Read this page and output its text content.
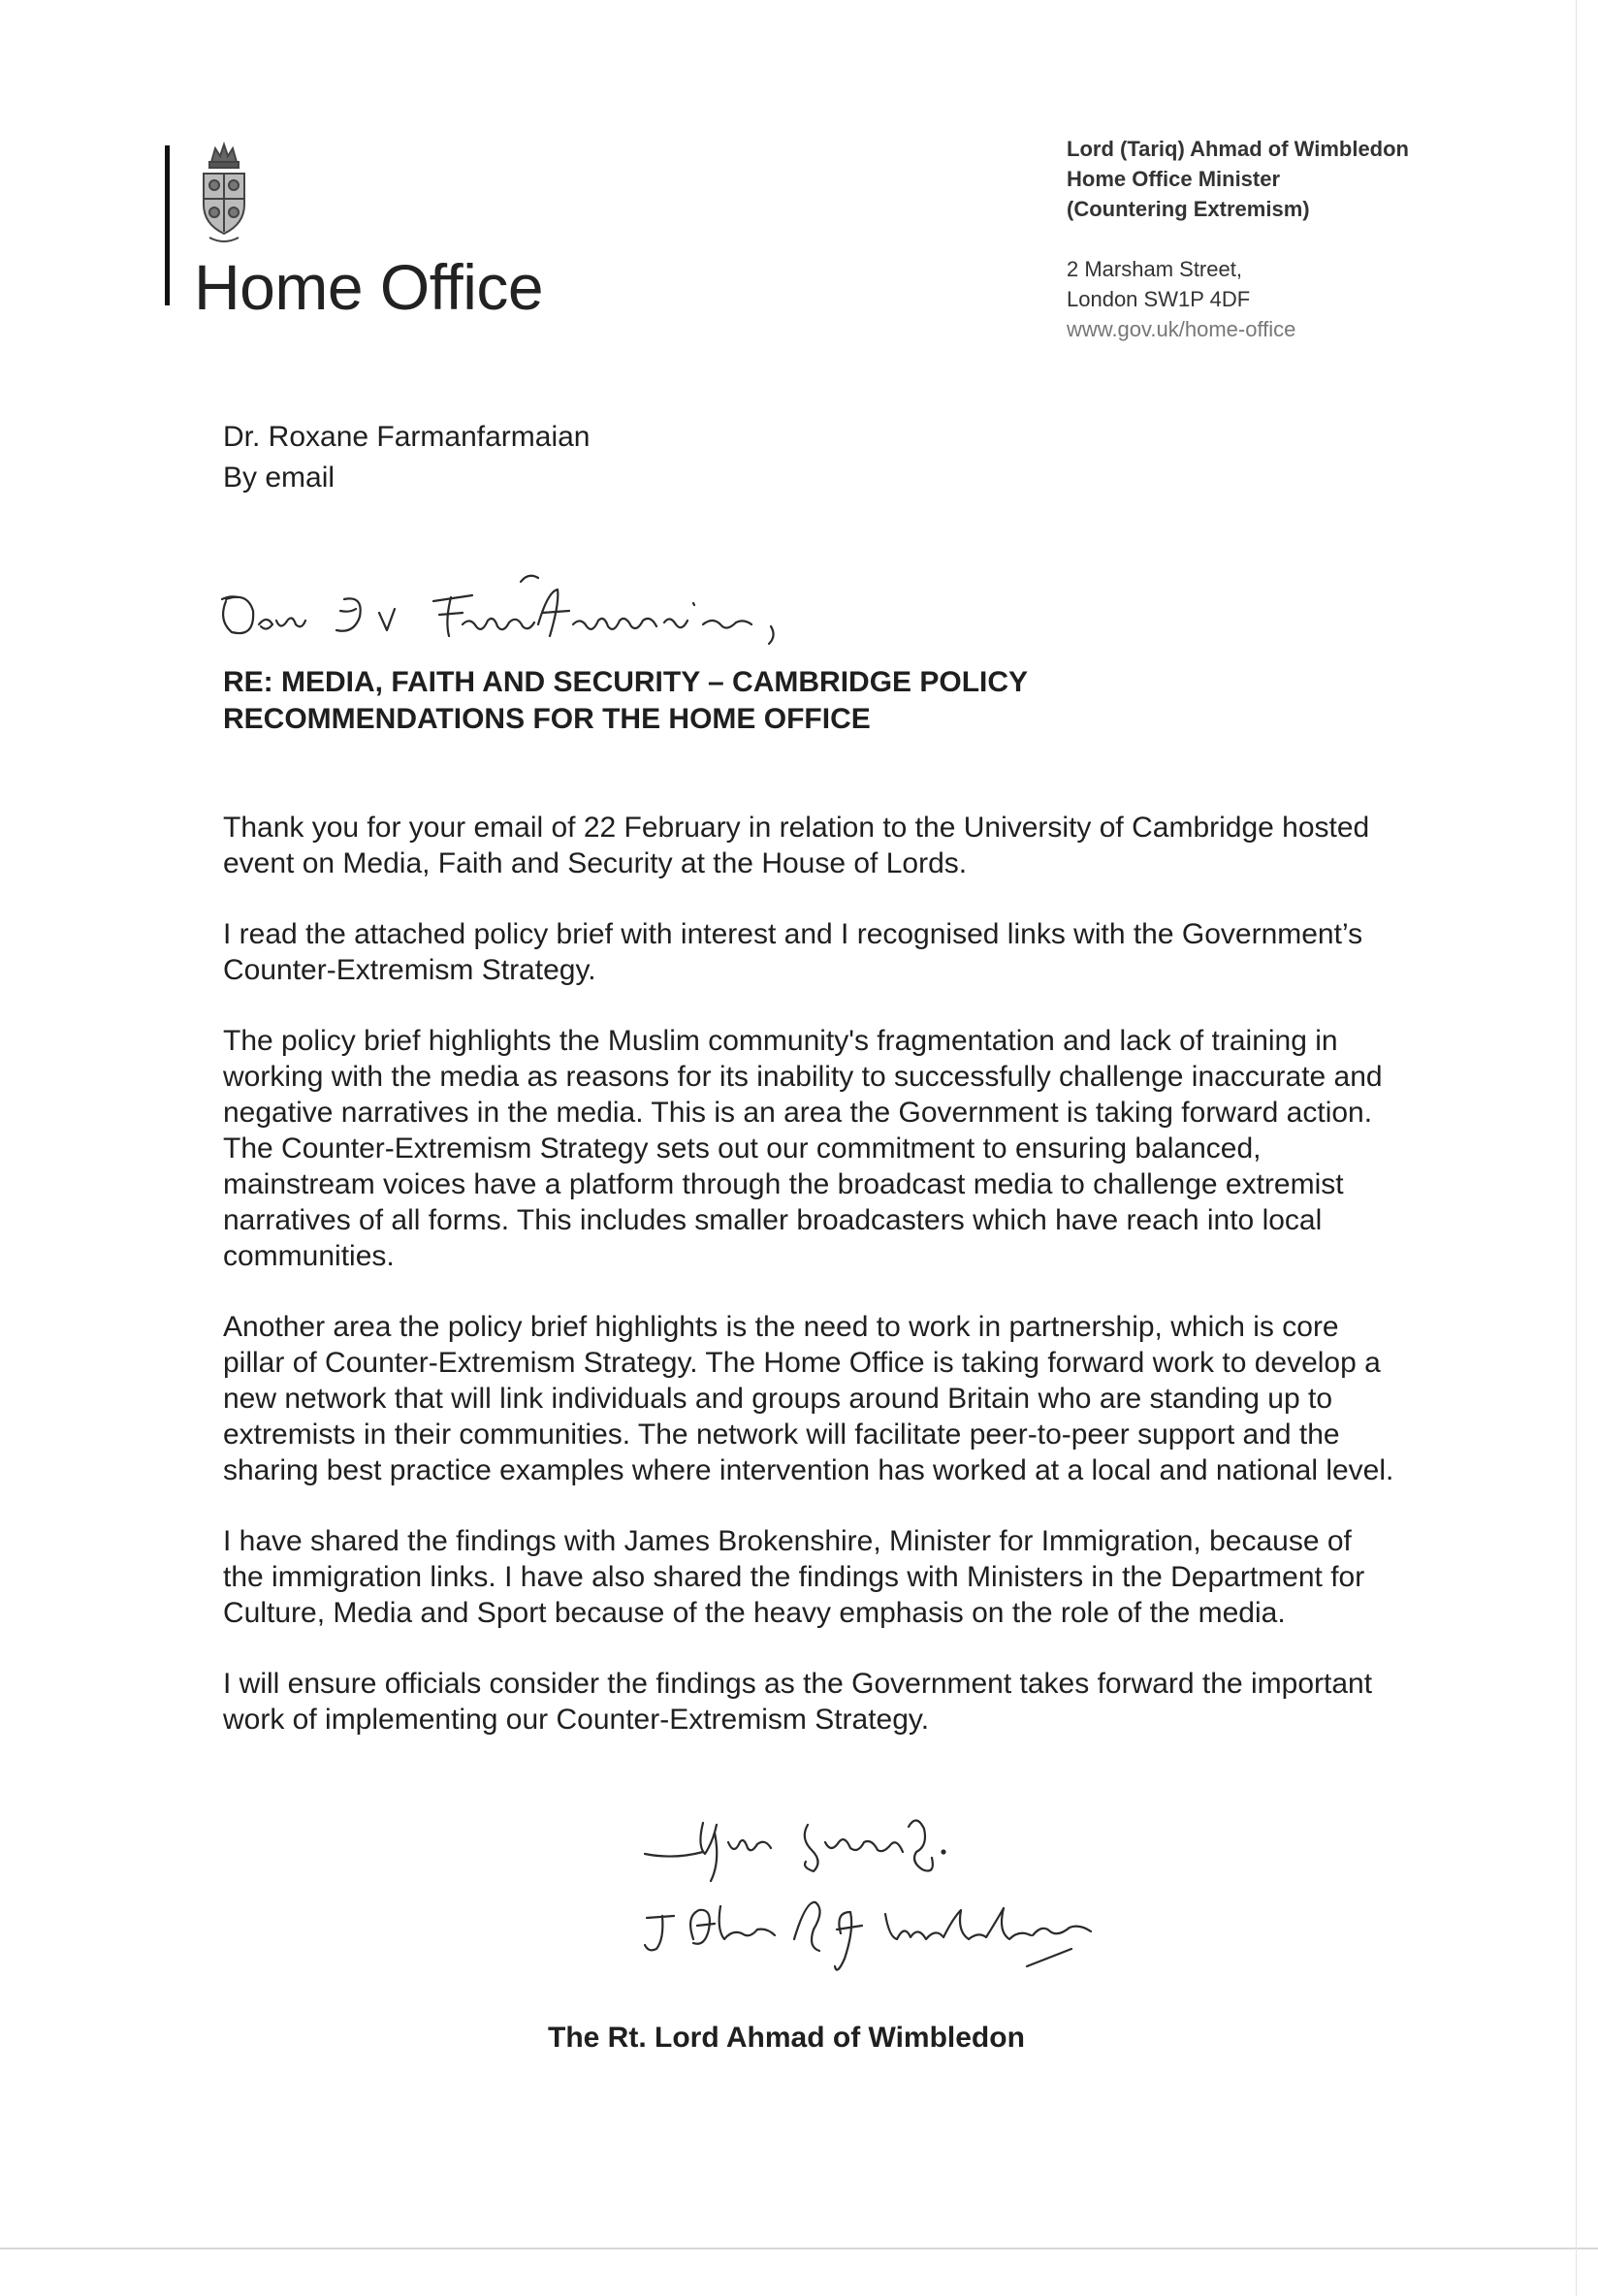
Home Office
Lord (Tariq) Ahmad of Wimbledon
Home Office Minister
(Countering Extremism)
2 Marsham Street,
London SW1P 4DF
www.gov.uk/home-office
Dr. Roxane Farmanfarmaian
By email
RE: MEDIA, FAITH AND SECURITY – CAMBRIDGE POLICY
RECOMMENDATIONS FOR THE HOME OFFICE

Thank you for your email of 22 February in relation to the University of Cambridge hosted event on Media, Faith and Security at the House of Lords.

I read the attached policy brief with interest and I recognised links with the Government’s Counter-Extremism Strategy.

The policy brief highlights the Muslim community's fragmentation and lack of training in working with the media as reasons for its inability to successfully challenge inaccurate and negative narratives in the media. This is an area the Government is taking forward action. The Counter-Extremism Strategy sets out our commitment to ensuring balanced, mainstream voices have a platform through the broadcast media to challenge extremist narratives of all forms. This includes smaller broadcasters which have reach into local communities.

Another area the policy brief highlights is the need to work in partnership, which is core pillar of Counter-Extremism Strategy. The Home Office is taking forward work to develop a new network that will link individuals and groups around Britain who are standing up to extremists in their communities. The network will facilitate peer-to-peer support and the sharing best practice examples where intervention has worked at a local and national level.

I have shared the findings with James Brokenshire, Minister for Immigration, because of the immigration links. I have also shared the findings with Ministers in the Department for Culture, Media and Sport because of the heavy emphasis on the role of the media.

I will ensure officials consider the findings as the Government takes forward the important work of implementing our Counter-Extremism Strategy.

The Rt. Lord Ahmad of Wimbledon
